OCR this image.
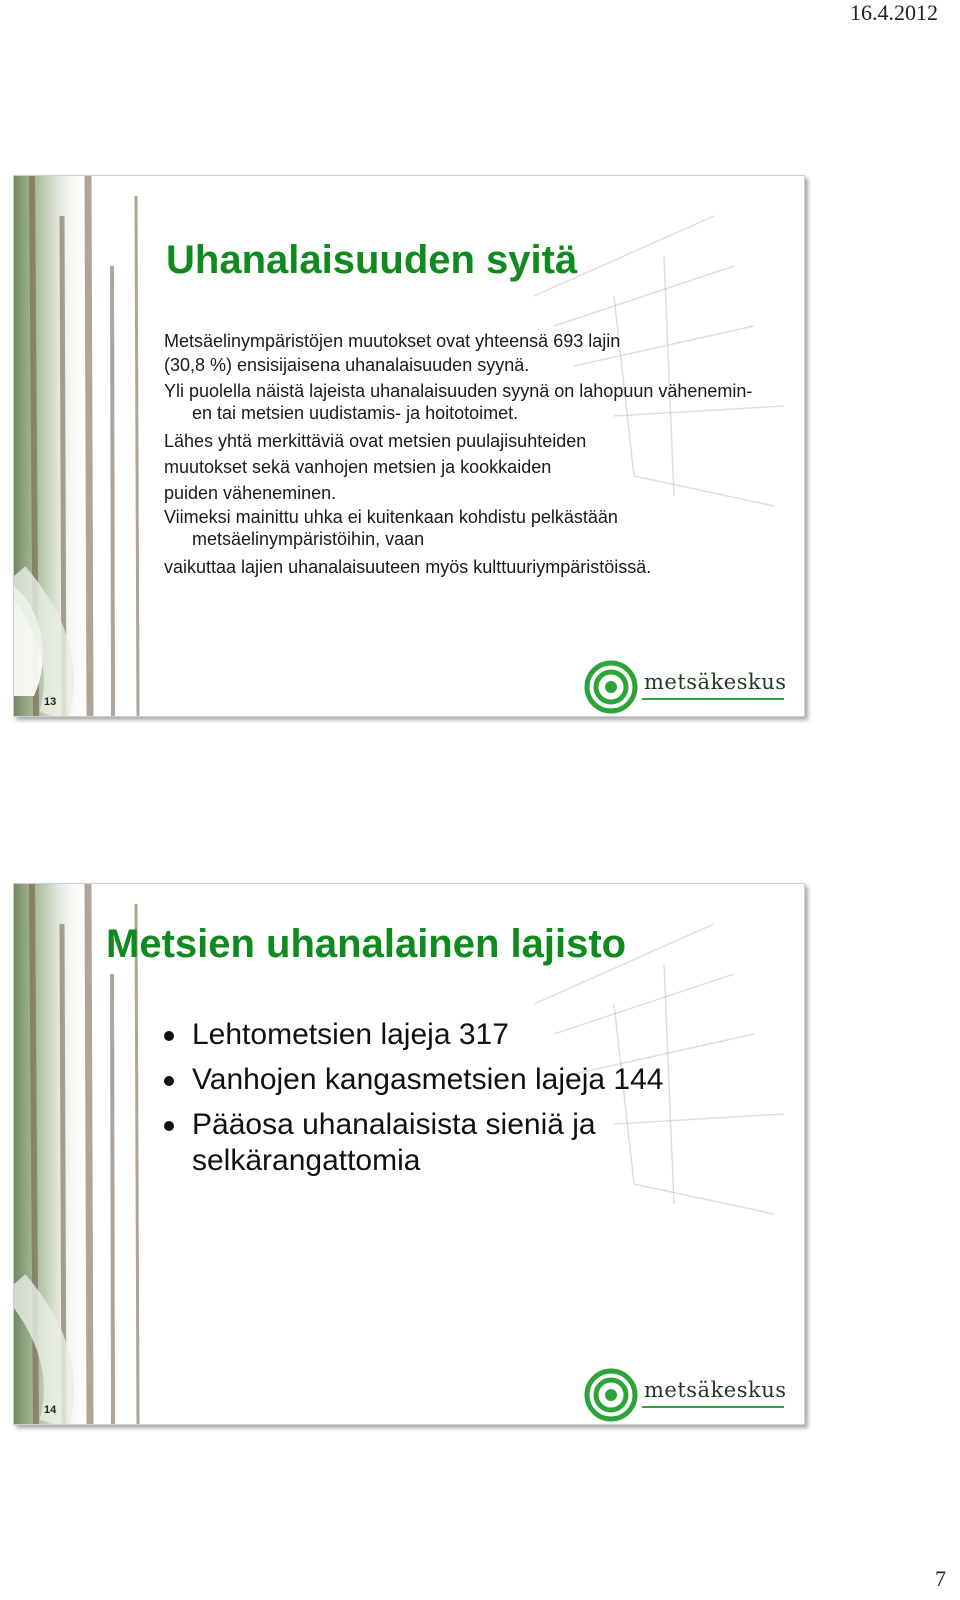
16.4.2012
Uhanalaisuuden syitä

Metsäelinympäristöjen muutokset ovat yhteensä 693 lajin

(30,8 %) ensisijaisena uhanalaisuuden syynä.

Yli puolella näistä lajeista uhanalaisuuden syynä on lahopuun väheneminen tai metsien uudistamis- ja hoitotoimet.

Lähes yhtä merkittäviä ovat metsien puulajisuhteiden

muutokset sekä vanhojen metsien ja kookkaiden

puiden väheneminen.

Viimeksi mainittu uhka ei kuitenkaan kohdistu pelkästään metsäelinympäristöihin, vaan

vaikuttaa lajien uhanalaisuuteen myös kulttuuriympäristöissä.

13
metsäkeskus
Metsien uhanalainen lajisto
Lehtometsien lajeja 317
Vanhojen kangasmetsien lajeja 144
Pääosa uhanalaisista sieniä ja selkärangattomia
14
metsäkeskus
7
